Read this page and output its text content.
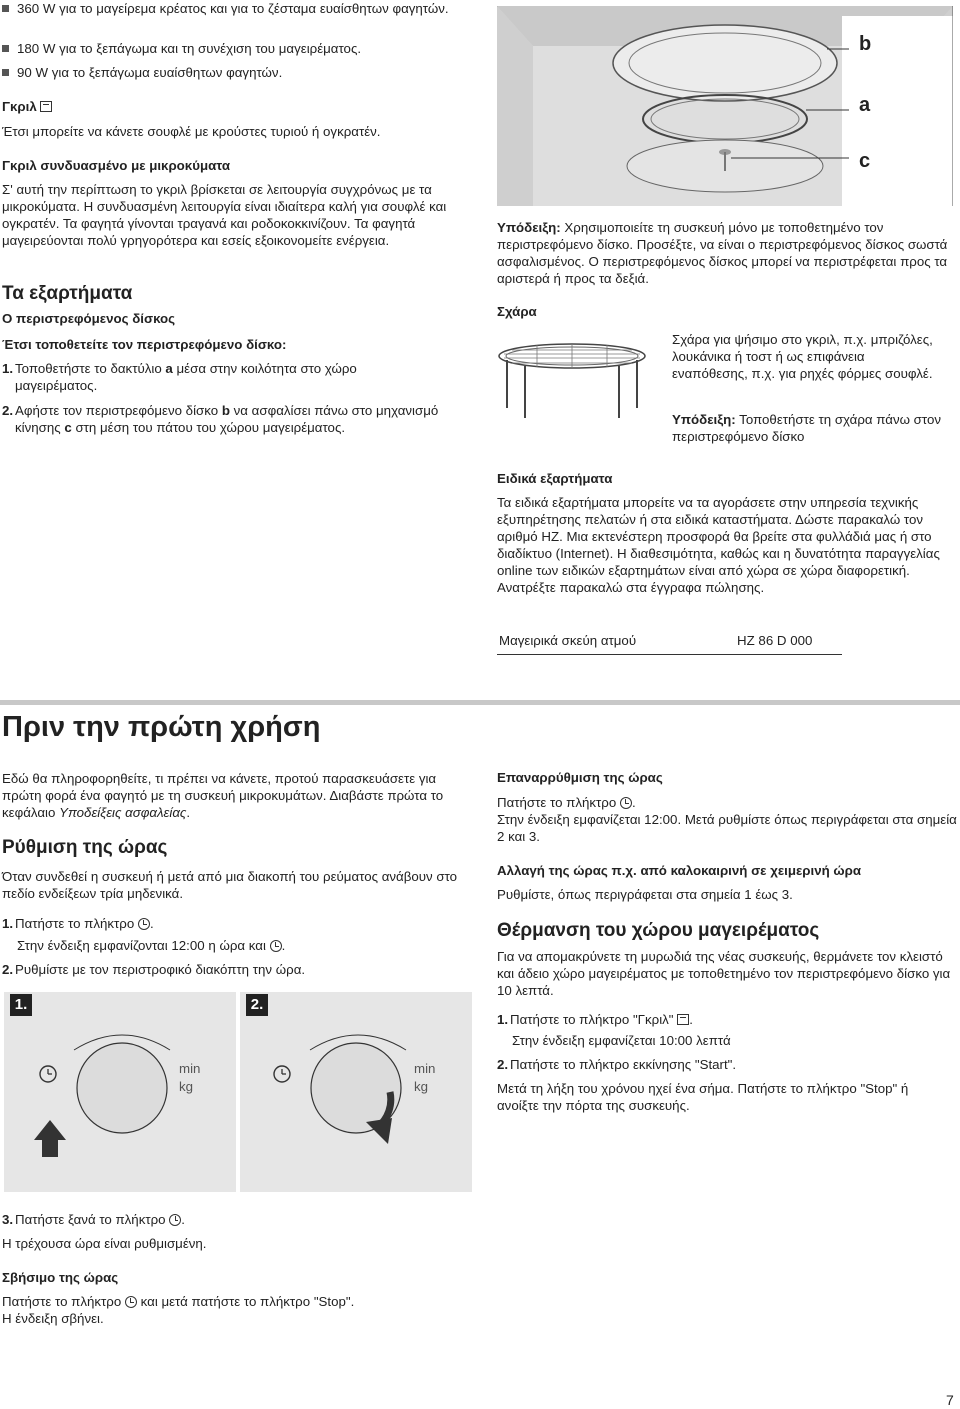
360 W για το μαγείρεμα κρέατος και για το ζέσταμα ευαίσθητων φαγητών.

180 W για το ξεπάγωμα και τη συνέχιση του μαγειρέματος.

90 W για το ξεπάγωμα ευαίσθητων φαγητών.

Γκριλ

Έτσι μπορείτε να κάνετε σουφλέ με κρούστες τυριού ή ογκρατέν.

Γκριλ συνδυασμένο με μικροκύματα

Σ' αυτή την περίπτωση το γκριλ βρίσκεται σε λειτουργία συγχρόνως με τα μικροκύματα. Η συνδυασμένη λειτουργία είναι ιδιαίτερα καλή για σουφλέ και ογκρατέν. Τα φαγητά γίνονται τραγανά και ροδοκοκκινίζουν. Τα φαγητά μαγειρεύονται πολύ γρηγορότερα και εσείς εξοικονομείτε ενέργεια.

Τα εξαρτήματα

Ο περιστρεφόμενος δίσκος

Έτσι τοποθετείτε τον περιστρεφόμενο δίσκο:

1. Τοποθετήστε το δακτύλιο a μέσα στην κοιλότητα στο χώρο μαγειρέματος.

2. Αφήστε τον περιστρεφόμενο δίσκο b να ασφαλίσει πάνω στο μηχανισμό κίνησης c στη μέση του πάτου του χώρου μαγειρέματος.

b
a
c

Υπόδειξη: Χρησιμοποιείτε τη συσκευή μόνο με τοποθετημένο τον περιστρεφόμενο δίσκο. Προσέξτε, να είναι ο περιστρεφόμενος δίσκος σωστά ασφαλισμένος. Ο περιστρεφόμενος δίσκος μπορεί να περιστρέφεται προς τα αριστερά ή προς τα δεξιά.

Σχάρα

Σχάρα για ψήσιμο στο γκριλ, π.χ. μπριζόλες, λουκάνικα ή τοστ ή ως επιφάνεια εναπόθεσης, π.χ. για ρηχές φόρμες σουφλέ.

Υπόδειξη: Τοποθετήστε τη σχάρα πάνω στον περιστρεφόμενο δίσκο

Ειδικά εξαρτήματα

Τα ειδικά εξαρτήματα μπορείτε να τα αγοράσετε στην υπηρεσία τεχνικής εξυπηρέτησης πελατών ή στα ειδικά καταστήματα. Δώστε παρακαλώ τον αριθμό HZ. Μια εκτενέστερη προσφορά θα βρείτε στα φυλλάδιά μας ή στο διαδίκτυο (Internet). Η διαθεσιμότητα, καθώς και η δυνατότητα παραγγελίας online των ειδικών εξαρτημάτων είναι από χώρα σε χώρα διαφορετική. Ανατρέξτε παρακαλώ στα έγγραφα πώλησης.

Μαγειρικά σκεύη ατμού	HZ 86 D 000

Πριν την πρώτη χρήση

Εδώ θα πληροφορηθείτε, τι πρέπει να κάνετε, προτού παρασκευάσετε για πρώτη φορά ένα φαγητό με τη συσκευή μικροκυμάτων. Διαβάστε πρώτα το κεφάλαιο Υποδείξεις ασφαλείας.

Ρύθμιση της ώρας

Όταν συνδεθεί η συσκευή ή μετά από μια διακοπή του ρεύματος ανάβουν στο πεδίο ενδείξεων τρία μηδενικά.

1. Πατήστε το πλήκτρο .

Στην ένδειξη εμφανίζονται 12:00 η ώρα και .

2. Ρυθμίστε με τον περιστροφικό διακόπτη την ώρα.

1.
min
kg
2.
min
kg
3. Πατήστε ξανά το πλήκτρο .

Η τρέχουσα ώρα είναι ρυθμισμένη.

Σβήσιμο της ώρας

Πατήστε το πλήκτρο  και μετά πατήστε το πλήκτρο "Stop".

Η ένδειξη σβήνει.

Επαναρρύθμιση της ώρας

Πατήστε το πλήκτρο .

Στην ένδειξη εμφανίζεται 12:00. Μετά ρυθμίστε όπως περιγράφεται στα σημεία 2 και 3.

Αλλαγή της ώρας π.χ. από καλοκαιρινή σε χειμερινή ώρα

Ρυθμίστε, όπως περιγράφεται στα σημεία 1 έως 3.

Θέρμανση του χώρου μαγειρέματος

Για να απομακρύνετε τη μυρωδιά της νέας συσκευής, θερμάνετε τον κλειστό και άδειο χώρο μαγειρέματος με τοποθετημένο τον περιστρεφόμενο δίσκο για 10 λεπτά.

1. Πατήστε το πλήκτρο "Γκριλ" .

Στην ένδειξη εμφανίζεται 10:00 λεπτά

2. Πατήστε το πλήκτρο εκκίνησης "Start".

Μετά τη λήξη του χρόνου ηχεί ένα σήμα. Πατήστε το πλήκτρο "Stop" ή ανοίξτε την πόρτα της συσκευής.

7
